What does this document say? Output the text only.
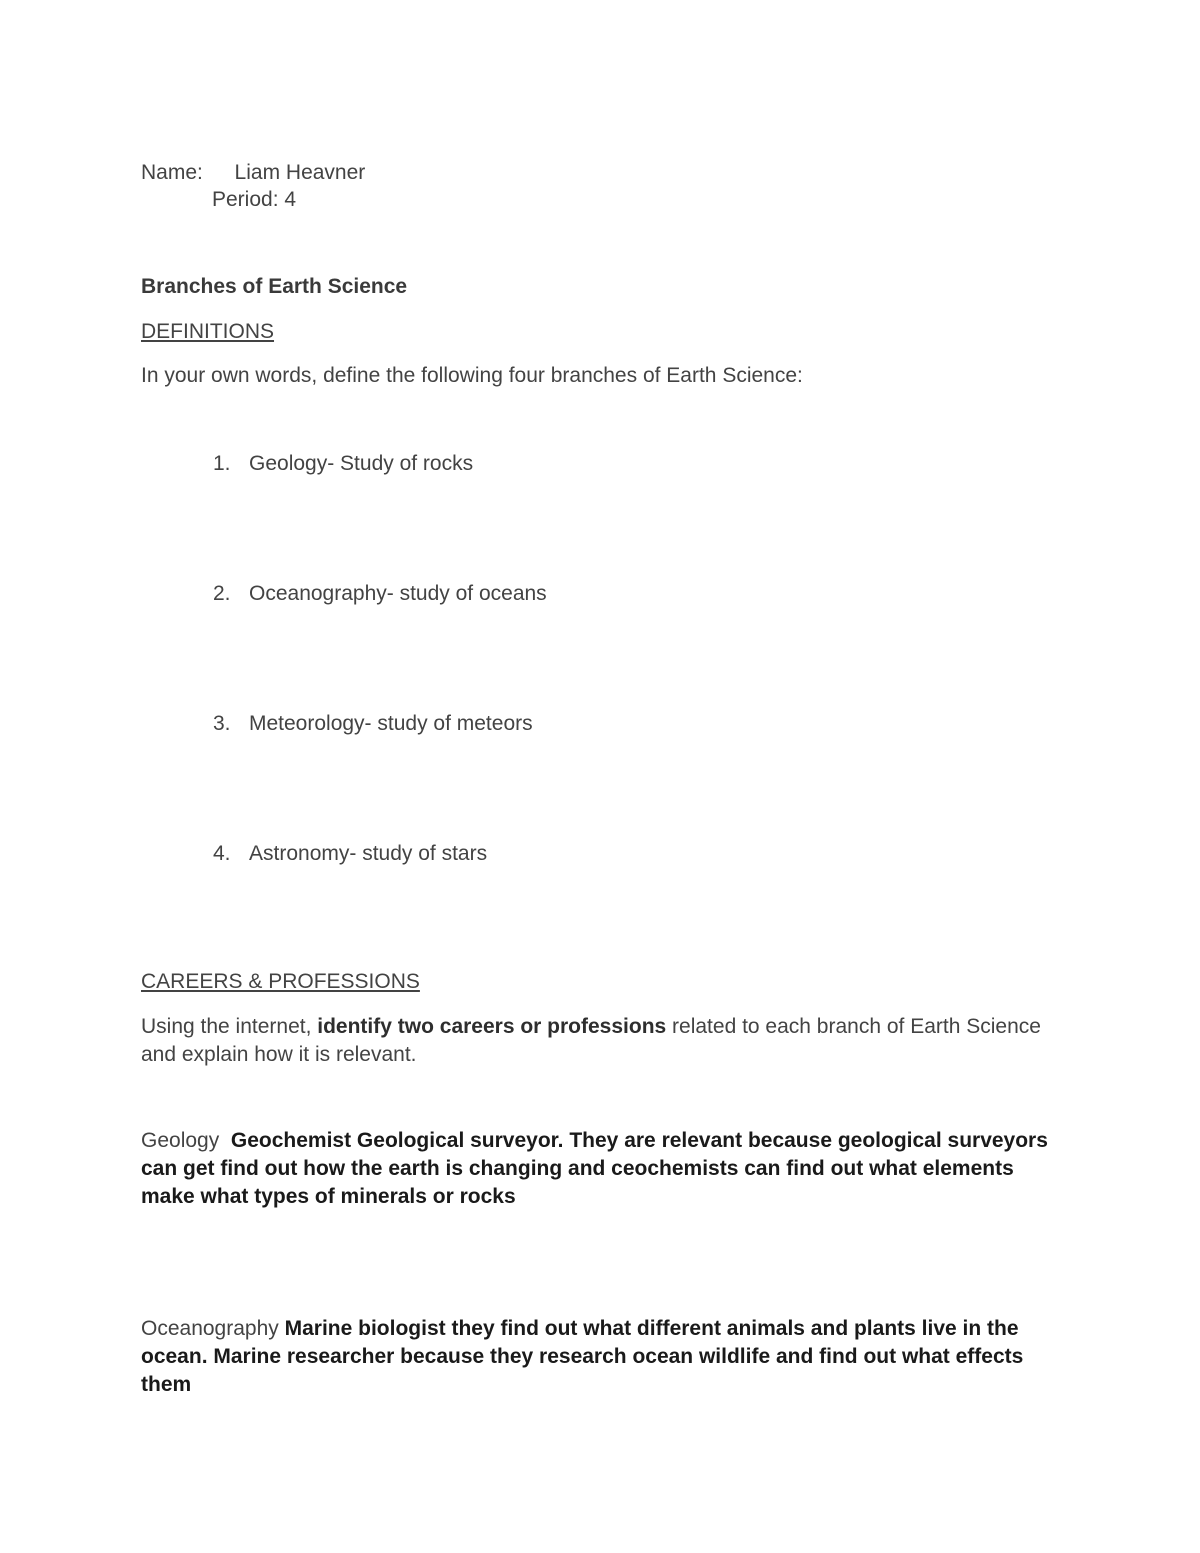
Name: Liam Heavner
Period: 4
Branches of Earth Science
DEFINITIONS
In your own words, define the following four branches of Earth Science:
1. Geology- Study of rocks
2. Oceanography- study of oceans
3. Meteorology- study of meteors
4. Astronomy- study of stars
CAREERS & PROFESSIONS
Using the internet, identify two careers or professions related to each branch of Earth Science and explain how it is relevant.
Geology Geochemist Geological surveyor. They are relevant because geological surveyors can get find out how the earth is changing and ceochemists can find out what elements make what types of minerals or rocks
Oceanography Marine biologist they find out what different animals and plants live in the ocean. Marine researcher because they research ocean wildlife and find out what effects them
